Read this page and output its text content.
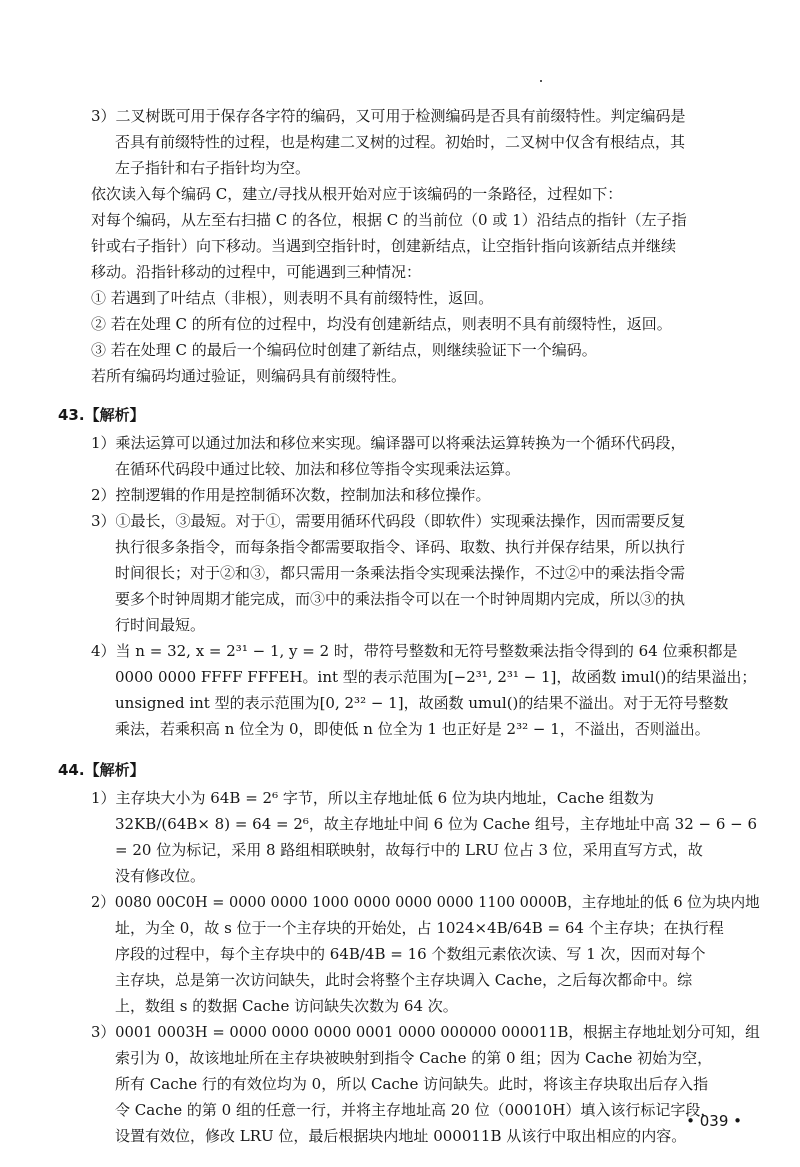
3）二叉树既可用于保存各字符的编码，又可用于检测编码是否具有前缀特性。判定编码是
否具有前缀特性的过程，也是构建二叉树的过程。初始时，二叉树中仅含有根结点，其
左子指针和右子指针均为空。
依次读入每个编码 C，建立/寻找从根开始对应于该编码的一条路径，过程如下：
对每个编码，从左至右扫描 C 的各位，根据 C 的当前位（0 或 1）沿结点的指针（左子指
针或右子指针）向下移动。当遇到空指针时，创建新结点，让空指针指向该新结点并继续
移动。沿指针移动的过程中，可能遇到三种情况：
① 若遇到了叶结点（非根），则表明不具有前缀特性，返回。
② 若在处理 C 的所有位的过程中，均没有创建新结点，则表明不具有前缀特性，返回。
③ 若在处理 C 的最后一个编码位时创建了新结点，则继续验证下一个编码。
若所有编码均通过验证，则编码具有前缀特性。
43.【解析】
1）乘法运算可以通过加法和移位来实现。编译器可以将乘法运算转换为一个循环代码段，
在循环代码段中通过比较、加法和移位等指令实现乘法运算。
2）控制逻辑的作用是控制循环次数，控制加法和移位操作。
3）①最长，③最短。对于①，需要用循环代码段（即软件）实现乘法操作，因而需要反复
执行很多条指令，而每条指令都需要取指令、译码、取数、执行并保存结果，所以执行
时间很长；对于②和③，都只需用一条乘法指令实现乘法操作，不过②中的乘法指令需
要多个时钟周期才能完成，而③中的乘法指令可以在一个时钟周期内完成，所以③的执
行时间最短。
4）当 n = 32, x = 2³¹ − 1, y = 2 时，带符号整数和无符号整数乘法指令得到的 64 位乘积都是
0000 0000 FFFF FFFEH。int 型的表示范围为[−2³¹, 2³¹ − 1]，故函数 imul()的结果溢出；
unsigned int 型的表示范围为[0, 2³² − 1]，故函数 umul()的结果不溢出。对于无符号整数
乘法，若乘积高 n 位全为 0，即使低 n 位全为 1 也正好是 2³² − 1，不溢出，否则溢出。
44.【解析】
1）主存块大小为 64B = 2⁶ 字节，所以主存地址低 6 位为块内地址，Cache 组数为
32KB/(64B× 8) = 64 = 2⁶，故主存地址中间 6 位为 Cache 组号，主存地址中高 32 − 6 − 6
= 20 位为标记，采用 8 路组相联映射，故每行中的 LRU 位占 3 位，采用直写方式，故
没有修改位。
2）0080 00C0H = 0000 0000 1000 0000 0000 0000 1100 0000B，主存地址的低 6 位为块内地
址，为全 0，故 s 位于一个主存块的开始处，占 1024×4B/64B = 64 个主存块；在执行程
序段的过程中，每个主存块中的 64B/4B = 16 个数组元素依次读、写 1 次，因而对每个
主存块，总是第一次访问缺失，此时会将整个主存块调入 Cache，之后每次都命中。综
上，数组 s 的数据 Cache 访问缺失次数为 64 次。
3）0001 0003H = 0000 0000 0000 0001 0000 000000 000011B，根据主存地址划分可知，组
索引为 0，故该地址所在主存块被映射到指令 Cache 的第 0 组；因为 Cache 初始为空，
所有 Cache 行的有效位均为 0，所以 Cache 访问缺失。此时，将该主存块取出后存入指
令 Cache 的第 0 组的任意一行，并将主存地址高 20 位（00010H）填入该行标记字段，
设置有效位，修改 LRU 位，最后根据块内地址 000011B 从该行中取出相应的内容。
• 039 •
